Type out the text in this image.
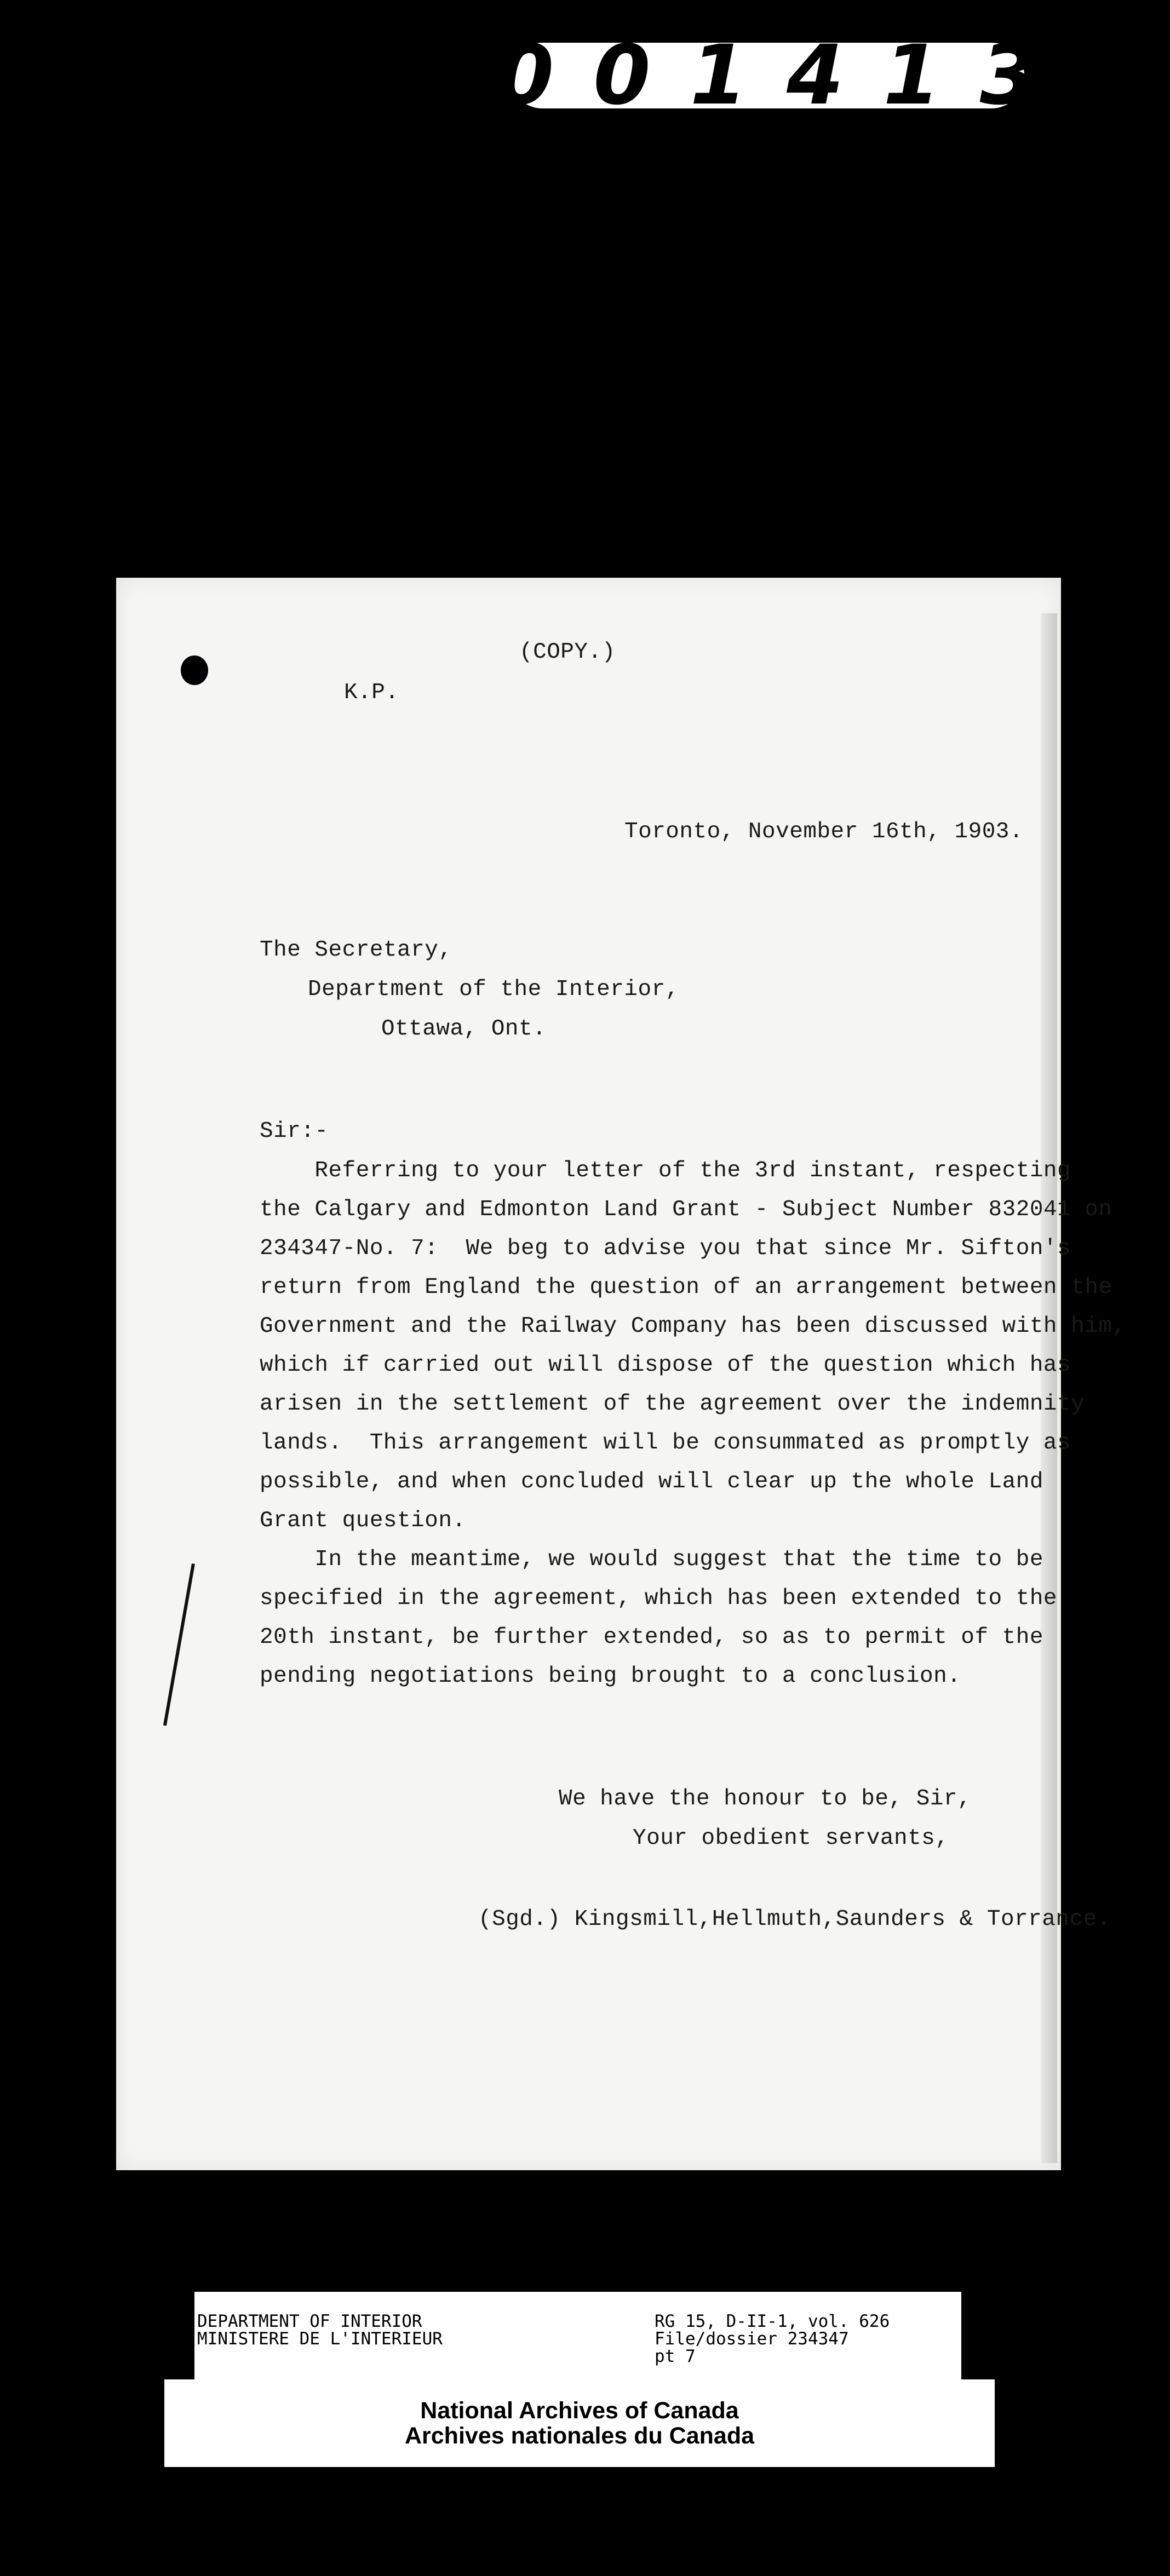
001413
(COPY.)
K.P.
Toronto, November 16th, 1903.
The Secretary,
Department of the Interior,
Ottawa, Ont.
Sir:-
Referring to your letter of the 3rd instant, respecting
the Calgary and Edmonton Land Grant - Subject Number 832041 on
234347-No. 7:  We beg to advise you that since Mr. Sifton's
return from England the question of an arrangement between the
Government and the Railway Company has been discussed with him,
which if carried out will dispose of the question which has
arisen in the settlement of the agreement over the indemnity
lands.  This arrangement will be consummated as promptly as
possible, and when concluded will clear up the whole Land
Grant question.
In the meantime, we would suggest that the time to be
specified in the agreement, which has been extended to the
20th instant, be further extended, so as to permit of the
pending negotiations being brought to a conclusion.
We have the honour to be, Sir,
Your obedient servants,
(Sgd.) Kingsmill,Hellmuth,Saunders & Torrance.
DEPARTMENT OF INTERIOR
MINISTERE DE L'INTERIEUR
RG 15, D-II-1, vol. 626
File/dossier 234347
pt 7
National Archives of Canada
Archives nationales du Canada
